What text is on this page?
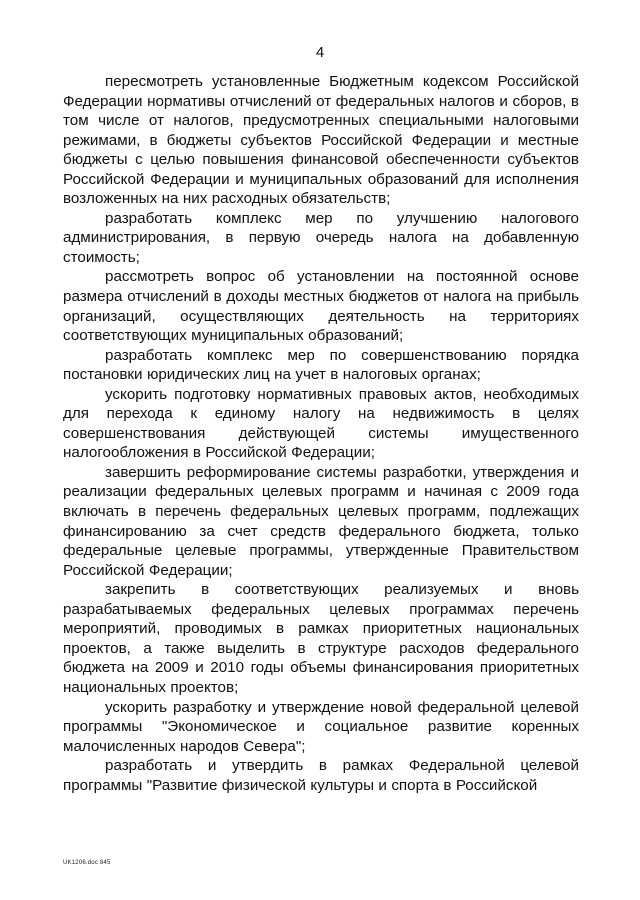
4

пересмотреть установленные Бюджетным кодексом Российской Федерации нормативы отчислений от федеральных налогов и сборов, в том числе от налогов, предусмотренных специальными налоговыми режимами, в бюджеты субъектов Российской Федерации и местные бюджеты с целью повышения финансовой обеспеченности субъектов Российской Федерации и муниципальных образований для исполнения возложенных на них расходных обязательств;

разработать комплекс мер по улучшению налогового администрирования, в первую очередь налога на добавленную стоимость;

рассмотреть вопрос об установлении на постоянной основе размера отчислений в доходы местных бюджетов от налога на прибыль организаций, осуществляющих деятельность на территориях соответствующих муниципальных образований;

разработать комплекс мер по совершенствованию порядка постановки юридических лиц на учет в налоговых органах;

ускорить подготовку нормативных правовых актов, необходимых для перехода к единому налогу на недвижимость в целях совершенствования действующей системы имущественного налогообложения в Российской Федерации;

завершить реформирование системы разработки, утверждения и реализации федеральных целевых программ и начиная с 2009 года включать в перечень федеральных целевых программ, подлежащих финансированию за счет средств федерального бюджета, только федеральные целевые программы, утвержденные Правительством Российской Федерации;

закрепить в соответствующих реализуемых и вновь разрабатываемых федеральных целевых программах перечень мероприятий, проводимых в рамках приоритетных национальных проектов, а также выделить в структуре расходов федерального бюджета на 2009 и 2010 годы объемы финансирования приоритетных национальных проектов;

ускорить разработку и утверждение новой федеральной целевой программы "Экономическое и социальное развитие коренных малочисленных народов Севера";

разработать и утвердить в рамках Федеральной целевой программы "Развитие физической культуры и спорта в Российской

UK1206.doc 845
